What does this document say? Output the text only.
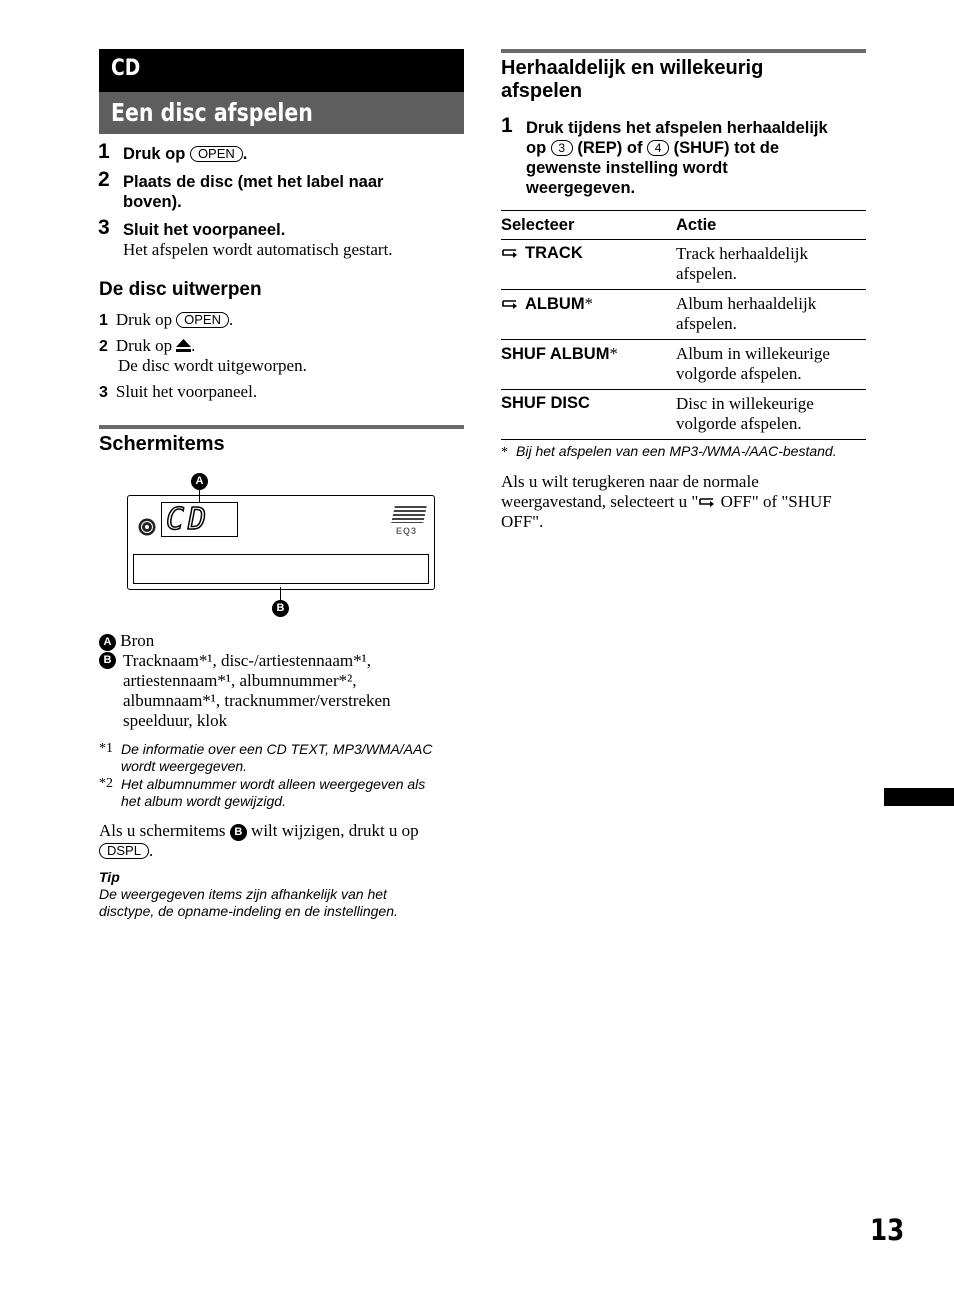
CD
Een disc afspelen
1 Druk op OPEN .
2 Plaats de disc (met het label naar boven).
3 Sluit het voorpaneel.
Het afspelen wordt automatisch gestart.
De disc uitwerpen
1 Druk op OPEN .
2 Druk op .
De disc wordt uitgeworpen.
3 Sluit het voorpaneel.
Schermitems
A
CD	EQ3
B
A Bron
B Tracknaam*¹, disc-/artiestennaam*¹,
artiestennaam*¹, albumnummer*²,
albumnaam*¹, tracknummer/verstreken
speelduur, klok
*1 De informatie over een CD TEXT, MP3/WMA/AAC
wordt weergegeven.
*2 Het albumnummer wordt alleen weergegeven als
het album wordt gewijzigd.
Als u schermitems B wilt wijzigen, drukt u op
DSPL .
Tip
De weergegeven items zijn afhankelijk van het
disctype, de opname-indeling en de instellingen.
Herhaaldelijk en willekeurig
afspelen
1 Druk tijdens het afspelen herhaaldelijk
op 3 (REP) of 4 (SHUF) tot de
gewenste instelling wordt
weergegeven.
Selecteer	Actie
TRACK	Track herhaaldelijk
afspelen.

ALBUM*	Album herhaaldelijk
afspelen.

SHUF ALBUM*	Album in willekeurige
volgorde afspelen.

SHUF DISC	Disc in willekeurige
volgorde afspelen.
* Bij het afspelen van een MP3-/WMA-/AAC-bestand.
Als u wilt terugkeren naar de normale
weergavestand, selecteert u " OFF" of "SHUF
OFF".
13
